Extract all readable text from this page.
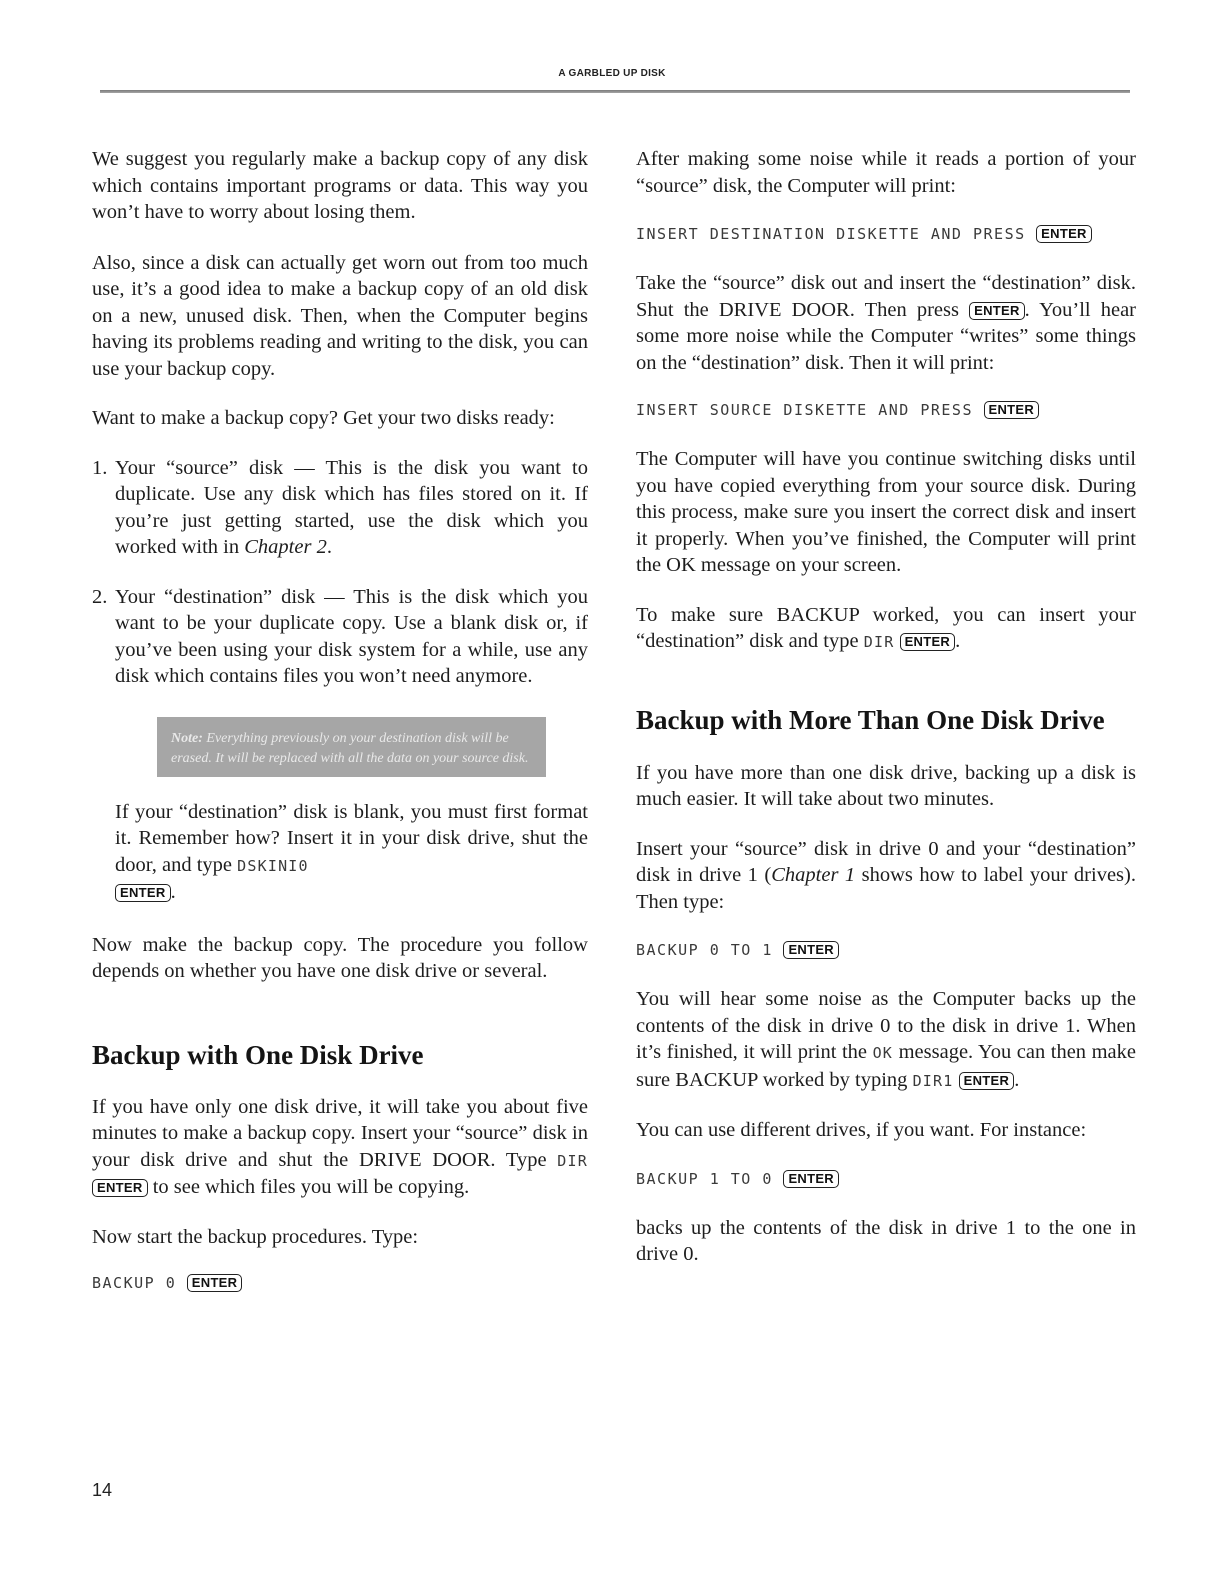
A GARBLED UP DISK

We suggest you regularly make a backup copy of any disk which contains important programs or data. This way you won’t have to worry about losing them.

Also, since a disk can actually get worn out from too much use, it’s a good idea to make a backup copy of an old disk on a new, unused disk. Then, when the Computer begins having its problems reading and writing to the disk, you can use your backup copy.

Want to make a backup copy? Get your two disks ready:

1. Your “source” disk — This is the disk you want to duplicate. Use any disk which has files stored on it. If you’re just getting started, use the disk which you worked with in Chapter 2.

2. Your “destination” disk — This is the disk which you want to be your duplicate copy. Use a blank disk or, if you’ve been using your disk system for a while, use any disk which contains files you won’t need anymore.

Note: Everything previously on your destination disk will be erased. It will be replaced with all the data on your source disk.

If your “destination” disk is blank, you must first format it. Remember how? Insert it in your disk drive, shut the door, and type DSKINI0
ENTER .

Now make the backup copy. The procedure you follow depends on whether you have one disk drive or several.

Backup with One Disk Drive

If you have only one disk drive, it will take you about five minutes to make a backup copy. Insert your “source” disk in your disk drive and shut the DRIVE DOOR. Type DIR ENTER to see which files you will be copying.

Now start the backup procedures. Type:

BACKUP 0 ENTER

After making some noise while it reads a portion of your “source” disk, the Computer will print:

INSERT DESTINATION DISKETTE AND PRESS ENTER

Take the “source” disk out and insert the “destination” disk. Shut the DRIVE DOOR. Then press ENTER . You’ll hear some more noise while the Computer “writes” some things on the “destination” disk. Then it will print:

INSERT SOURCE DISKETTE AND PRESS ENTER

The Computer will have you continue switching disks until you have copied everything from your source disk. During this process, make sure you insert the correct disk and insert it properly. When you’ve finished, the Computer will print the OK message on your screen.

To make sure BACKUP worked, you can insert your “destination” disk and type DIR ENTER .

Backup with More Than One Disk Drive

If you have more than one disk drive, backing up a disk is much easier. It will take about two minutes.

Insert your “source” disk in drive 0 and your “destination” disk in drive 1 (Chapter 1 shows how to label your drives). Then type:

BACKUP 0 TO 1 ENTER

You will hear some noise as the Computer backs up the contents of the disk in drive 0 to the disk in drive 1. When it’s finished, it will print the OK message. You can then make sure BACKUP worked by typing DIR1 ENTER .

You can use different drives, if you want. For instance:

BACKUP 1 TO 0 ENTER

backs up the contents of the disk in drive 1 to the one in drive 0.

14
